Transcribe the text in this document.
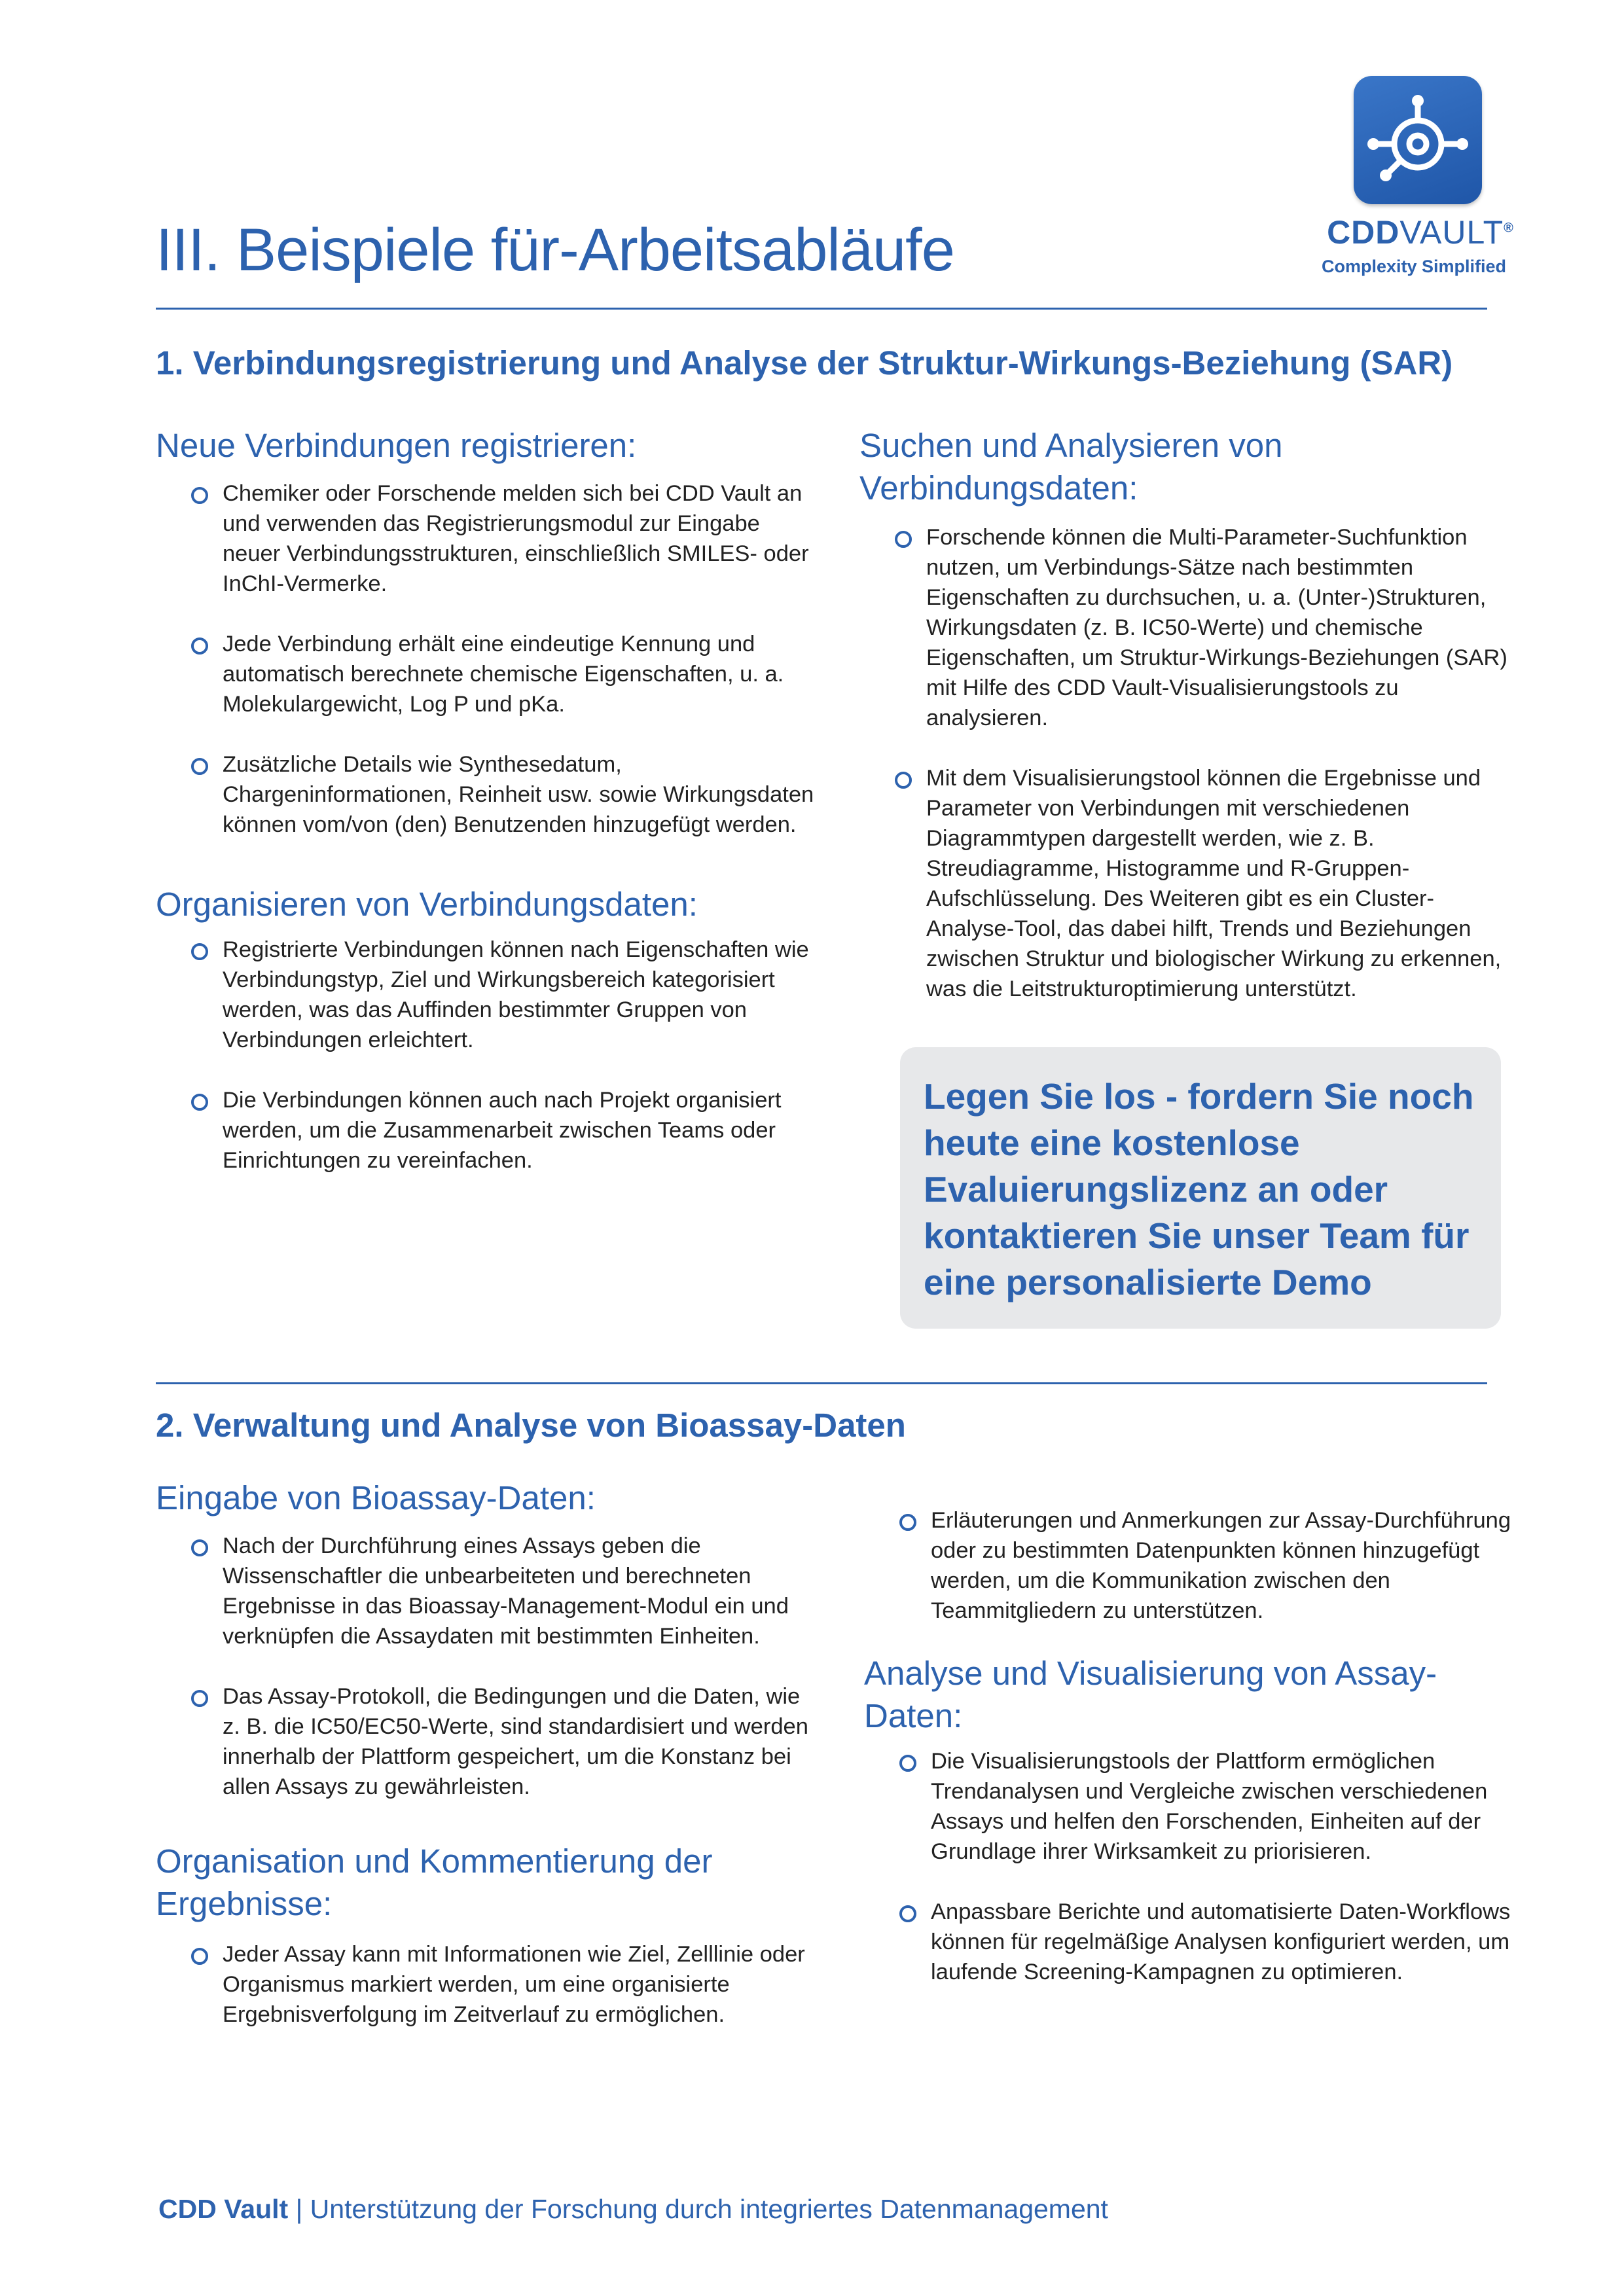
III. Beispiele für-Arbeitsabläufe	CDDVAULT®
Complexity Simplified
1. Verbindungsregistrierung und Analyse der Struktur-Wirkungs-Beziehung (SAR)
Neue Verbindungen registrieren:
Chemiker oder Forschende melden sich bei CDD Vault an und verwenden das Registrierungsmodul zur Eingabe neuer Verbindungsstrukturen, einschließlich SMILES- oder InChI-Vermerke.
Jede Verbindung erhält eine eindeutige Kennung und automatisch berechnete chemische Eigenschaften, u. a. Molekulargewicht, Log P und pKa.
Zusätzliche Details wie Synthesedatum, Chargeninformationen, Reinheit usw. sowie Wirkungsdaten können vom/von (den) Benutzenden hinzugefügt werden.
Organisieren von Verbindungsdaten:
Registrierte Verbindungen können nach Eigenschaften wie Verbindungstyp, Ziel und Wirkungsbereich kategorisiert werden, was das Auffinden bestimmter Gruppen von Verbindungen erleichtert.
Die Verbindungen können auch nach Projekt organisiert werden, um die Zusammenarbeit zwischen Teams oder Einrichtungen zu vereinfachen.
Suchen und Analysieren von Verbindungsdaten:
Forschende können die Multi-Parameter-Suchfunktion nutzen, um Verbindungs-Sätze nach bestimmten Eigenschaften zu durchsuchen, u. a. (Unter-)Strukturen, Wirkungsdaten (z. B. IC50-Werte) und chemische Eigenschaften, um Struktur-Wirkungs-Beziehungen (SAR) mit Hilfe des CDD Vault-Visualisierungstools zu analysieren.
Mit dem Visualisierungstool können die Ergebnisse und Parameter von Verbindungen mit verschiedenen Diagrammtypen dargestellt werden, wie z. B. Streudiagramme, Histogramme und R-Gruppen-Aufschlüsselung. Des Weiteren gibt es ein Cluster-Analyse-Tool, das dabei hilft, Trends und Beziehungen zwischen Struktur und biologischer Wirkung zu erkennen, was die Leitstrukturoptimierung unterstützt.

Legen Sie los - fordern Sie noch heute eine kostenlose Evaluierungslizenz an oder kontaktieren Sie unser Team für eine personalisierte Demo

2. Verwaltung und Analyse von Bioassay-Daten
Eingabe von Bioassay-Daten:
Nach der Durchführung eines Assays geben die Wissenschaftler die unbearbeiteten und berechneten Ergebnisse in das Bioassay-Management-Modul ein und verknüpfen die Assaydaten mit bestimmten Einheiten.
Das Assay-Protokoll, die Bedingungen und die Daten, wie z. B. die IC50/EC50-Werte, sind standardisiert und werden innerhalb der Plattform gespeichert, um die Konstanz bei allen Assays zu gewährleisten.
Organisation und Kommentierung der Ergebnisse:
Jeder Assay kann mit Informationen wie Ziel, Zelllinie oder Organismus markiert werden, um eine organisierte Ergebnisverfolgung im Zeitverlauf zu ermöglichen.
Erläuterungen und Anmerkungen zur Assay-Durchführung oder zu bestimmten Datenpunkten können hinzugefügt werden, um die Kommunikation zwischen den Teammitgliedern zu unterstützen.
Analyse und Visualisierung von Assay-Daten:
Die Visualisierungstools der Plattform ermöglichen Trendanalysen und Vergleiche zwischen verschiedenen Assays und helfen den Forschenden, Einheiten auf der Grundlage ihrer Wirksamkeit zu priorisieren.
Anpassbare Berichte und automatisierte Daten-Workflows können für regelmäßige Analysen konfiguriert werden, um laufende Screening-Kampagnen zu optimieren.
CDD Vault | Unterstützung der Forschung durch integriertes Datenmanagement
